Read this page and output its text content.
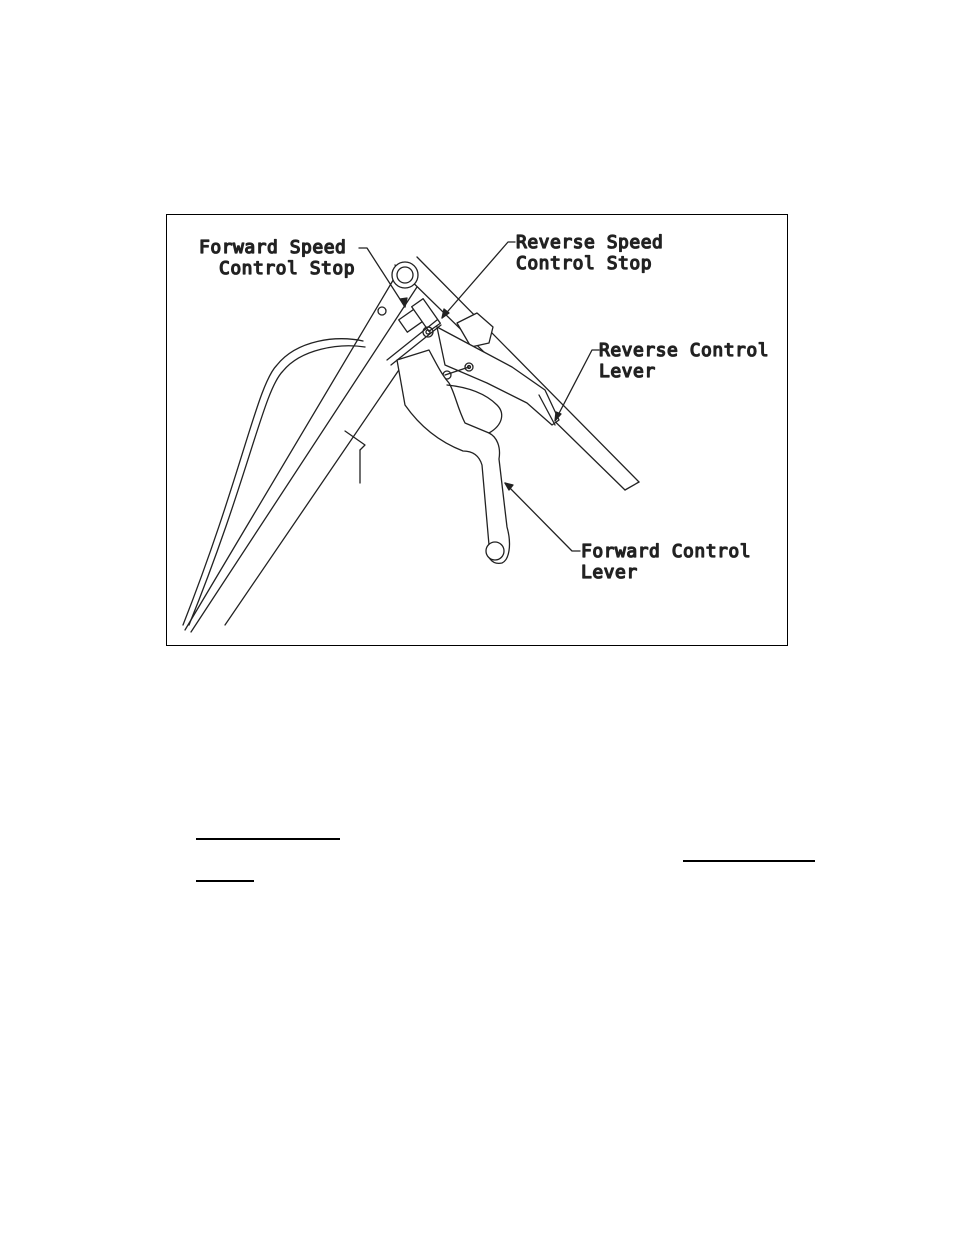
Forward Speed
Control Stop
Reverse Speed
Control Stop
Reverse Control
Lever
Forward Control
Lever
